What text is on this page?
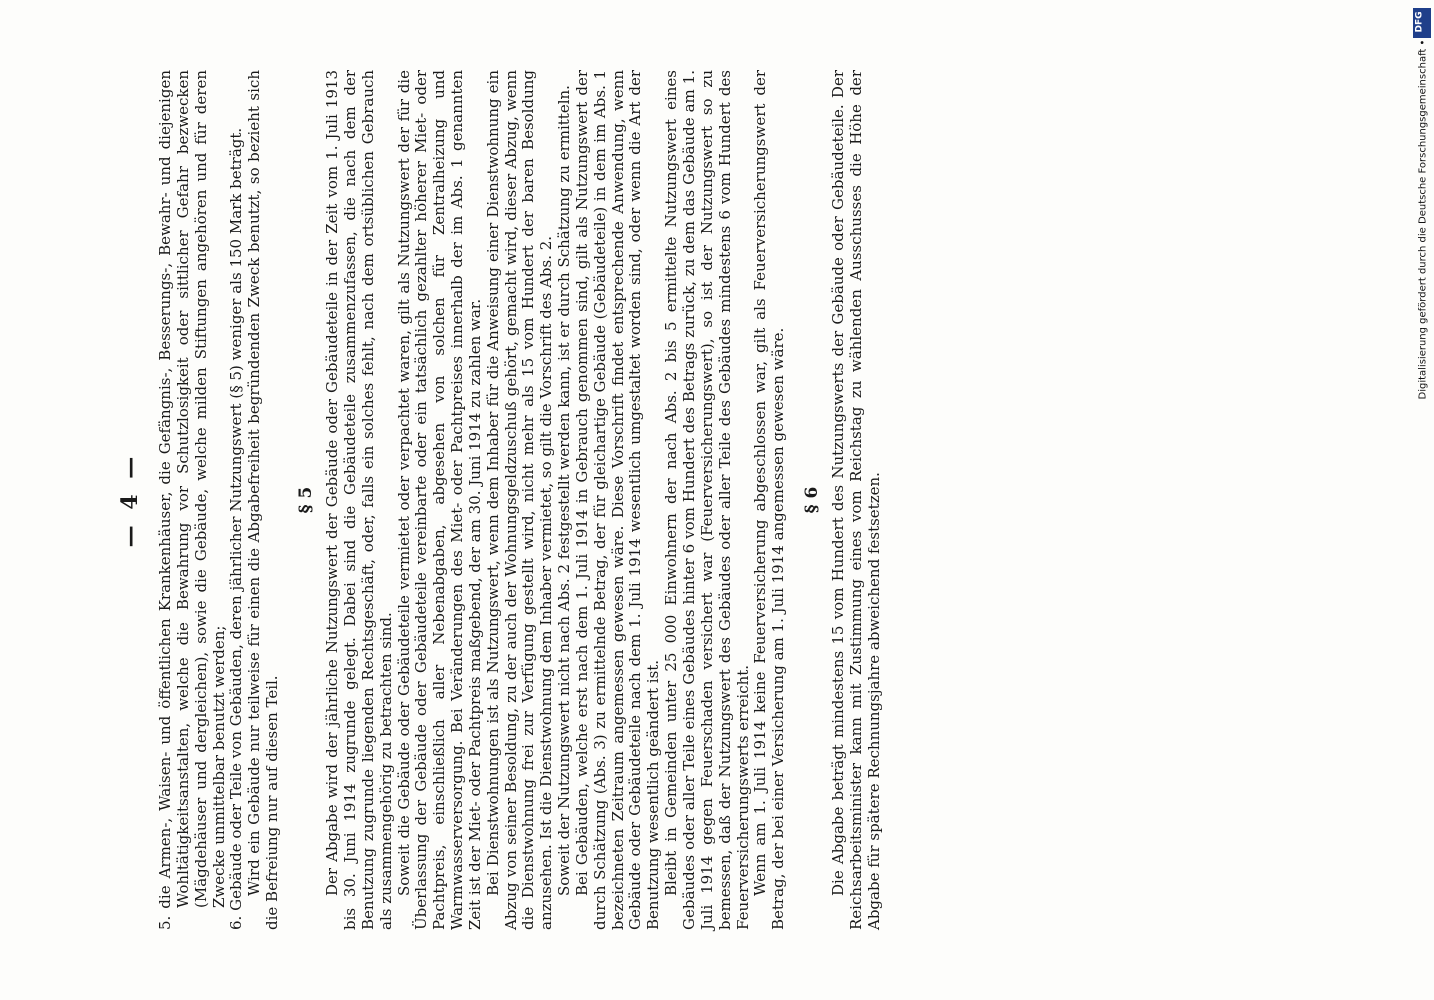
— 4 —

5. die Armen-, Waisen- und öffentlichen Krankenhäuser, die Gefängnis-, Besserungs-, Bewahr- und diejenigen Wohltätigkeitsanstalten, welche die Bewahrung vor Schutzlosigkeit oder sittlicher Gefahr bezwecken (Mägdehäuser und dergleichen), sowie die Gebäude, welche milden Stiftungen angehören und für deren Zwecke unmittelbar benutzt werden;

6. Gebäude oder Teile von Gebäuden, deren jährlicher Nutzungswert (§ 5) weniger als 150 Mark beträgt. Wird ein Gebäude nur teilweise für einen die Abgabefreiheit begründenden Zweck benutzt, so bezieht sich die Befreiung nur auf diesen Teil.

§ 5 Der Abgabe wird der jährliche Nutzungswert der Gebäude oder Gebäudeteile in der Zeit vom 1. Juli 1913 bis 30. Juni 1914 zugrunde gelegt. Dabei sind die Gebäudeteile zusammenzufassen, die nach dem der Benutzung zugrunde liegenden Rechtsgeschäft, oder, falls ein solches fehlt, nach dem ortsüblichen Gebrauch als zusammengehörig zu betrachten sind. Soweit die Gebäude oder Gebäudeteile vermietet oder verpachtet waren, gilt als Nutzungswert der für die Überlassung der Gebäude oder Gebäudeteile vereinbarte oder ein tatsächlich gezahlter höherer Miet- oder Pachtpreis, einschließlich aller Nebenabgaben, abgesehen von solchen für Zentralheizung und Warmwasserversorgung. Bei Veränderungen des Miet- oder Pachtpreises innerhalb der im Abs. 1 genannten Zeit ist der Miet- oder Pachtpreis maßgebend, der am 30. Juni 1914 zu zahlen war. Bei Dienstwohnungen ist als Nutzungswert, wenn dem Inhaber für die Anweisung einer Dienstwohnung ein Abzug von seiner Besoldung, zu der auch der Wohnungsgeldzuschuß gehört, gemacht wird, dieser Abzug, wenn die Dienstwohnung frei zur Verfügung gestellt wird, nicht mehr als 15 vom Hundert der baren Besoldung anzusehen. Ist die Dienstwohnung dem Inhaber vermietet, so gilt die Vorschrift des Abs. 2. Soweit der Nutzungswert nicht nach Abs. 2 festgestellt werden kann, ist er durch Schätzung zu ermitteln. Bei Gebäuden, welche erst nach dem 1. Juli 1914 in Gebrauch genommen sind, gilt als Nutzungswert der durch Schätzung (Abs. 3) zu ermittelnde Betrag, der für gleichartige Gebäude (Gebäudeteile) in dem im Abs. 1 bezeichneten Zeitraum angemessen gewesen wäre. Diese Vorschrift findet entsprechende Anwendung, wenn Gebäude oder Gebäudeteile nach dem 1. Juli 1914 wesentlich umgestaltet worden sind, oder wenn die Art der Benutzung wesentlich geändert ist. Bleibt in Gemeinden unter 25 000 Einwohnern der nach Abs. 2 bis 5 ermittelte Nutzungswert eines Gebäudes oder aller Teile eines Gebäudes hinter 6 vom Hundert des Betrags zurück, zu dem das Gebäude am 1. Juli 1914 gegen Feuerschaden versichert war (Feuerversicherungswert), so ist der Nutzungswert so zu bemessen, daß der Nutzungswert des Gebäudes oder aller Teile des Gebäudes mindestens 6 vom Hundert des Feuerversicherungswerts erreicht. Wenn am 1. Juli 1914 keine Feuerversicherung abgeschlossen war, gilt als Feuerversicherungswert der Betrag, der bei einer Versicherung am 1. Juli 1914 angemessen gewesen wäre. § 6 Die Abgabe beträgt mindestens 15 vom Hundert des Nutzungswerts der Gebäude oder Gebäudeteile. Der Reichsarbeitsminister kann mit Zustimmung eines vom Reichstag zu wählenden Ausschusses die Höhe der Abgabe für spätere Rechnungsjahre abweichend festsetzen.

DFG
Digitalisierung gefördert durch die Deutsche Forschungsgemeinschaft •
